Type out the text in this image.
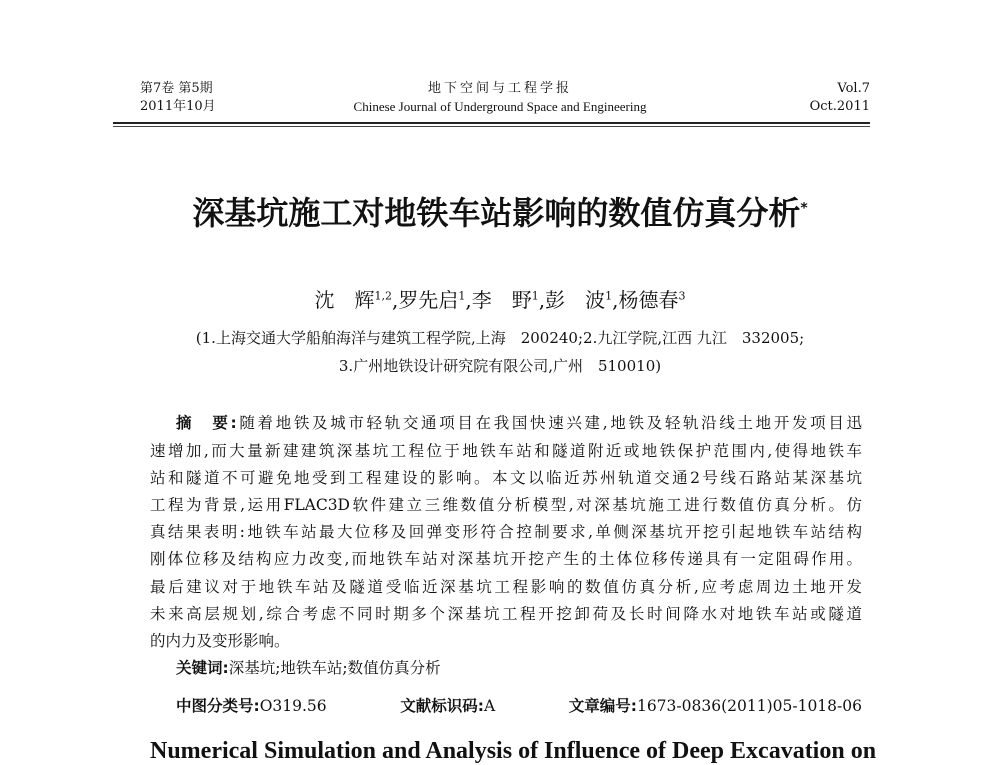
第7卷 第5期
2011年10月
地下空间与工程学报
Chinese Journal of Underground Space and Engineering
Vol.7
Oct.2011
深基坑施工对地铁车站影响的数值仿真分析*
沈　辉$^{1,2}$,罗先启$^1$,李　野$^1$,彭　波$^1$,杨德春$^3$
(1.上海交通大学船舶海洋与建筑工程学院,上海　200240;2.九江学院,江西 九江　332005;
3.广州地铁设计研究院有限公司,广州　510010)
摘　要:随着地铁及城市轻轨交通项目在我国快速兴建,地铁及轻轨沿线土地开发项目迅
速增加,而大量新建建筑深基坑工程位于地铁车站和隧道附近或地铁保护范围内,使得地铁车
站和隧道不可避免地受到工程建设的影响。本文以临近苏州轨道交通2号线石路站某深基坑
工程为背景,运用FLAC3D软件建立三维数值分析模型,对深基坑施工进行数值仿真分析。仿
真结果表明:地铁车站最大位移及回弹变形符合控制要求,单侧深基坑开挖引起地铁车站结构
刚体位移及结构应力改变,而地铁车站对深基坑开挖产生的土体位移传递具有一定阻碍作用。
最后建议对于地铁车站及隧道受临近深基坑工程影响的数值仿真分析,应考虑周边土地开发
未来高层规划,综合考虑不同时期多个深基坑工程开挖卸荷及长时间降水对地铁车站或隧道
的内力及变形影响。
关键词:深基坑;地铁车站;数值仿真分析
中图分类号:O319.56	文献标识码:A	文章编号:1673-0836(2011)05-1018-06
Numerical Simulation and Analysis of Influence of Deep Excavation on
